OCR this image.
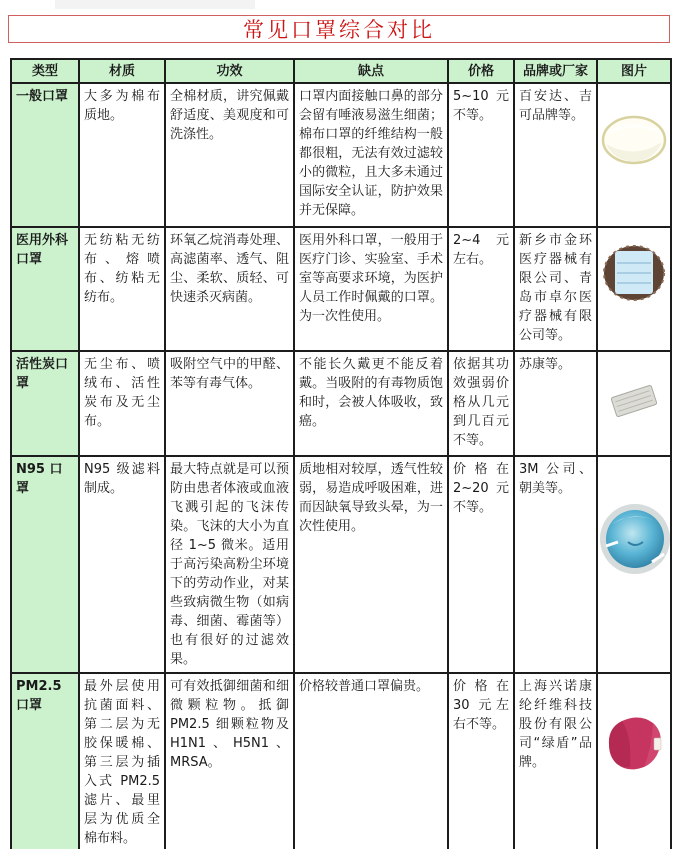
常见口罩综合对比
类型	材质	功效	缺点	价格	品牌或厂家	图片
一般口罩	大多为棉布质地。	全棉材质，讲究佩戴舒适度、美观度和可洗涤性。	口罩内面接触口鼻的部分会留有唾液易滋生细菌；棉布口罩的纤维结构一般都很粗，无法有效过滤较小的微粒，且大多未通过国际安全认证，防护效果并无保障。	5~10 元不等。	百安达、吉可品牌等。	

医用外科口罩	无纺粘无纺布、熔喷布、纺粘无纺布。	环氧乙烷消毒处理、高滤菌率、透气、阻尘、柔软、质轻、可快速杀灭病菌。	医用外科口罩，一般用于医疗门诊、实验室、手术室等高要求环境，为医护人员工作时佩戴的口罩。为一次性使用。	2~4 元左右。	新乡市金环医疗器械有限公司、青岛市卓尔医疗器械有限公司等。	

活性炭口罩	无尘布、喷绒布、活性炭布及无尘布。	吸附空气中的甲醛、苯等有毒气体。	不能长久戴更不能反着戴。当吸附的有毒物质饱和时，会被人体吸收，致癌。	依据其功效强弱价格从几元到几百元不等。	苏康等。	

N95 口罩	N95 级滤料制成。	最大特点就是可以预防由患者体液或血液飞溅引起的飞沫传染。飞沫的大小为直径 1~5 微米。适用于高污染高粉尘环境下的劳动作业，对某些致病微生物（如病毒、细菌、霉菌等）也有很好的过滤效果。	质地相对较厚，透气性较弱，易造成呼吸困难，进而因缺氧导致头晕，为一次性使用。	价格在 2~20 元不等。	3M 公司、朝美等。	

PM2.5 口罩	最外层使用抗菌面料、第二层为无胶保暖棉、第三层为插入式 PM2.5 滤片、最里层为优质全棉布料。	可有效抵御细菌和细微颗粒物。抵御 PM2.5 细颗粒物及 H1N1、H5N1、MRSA。	价格较普通口罩偏贵。	价格在 30 元左右不等。	上海兴诺康纶纤维科技股份有限公司“绿盾”品牌。	
